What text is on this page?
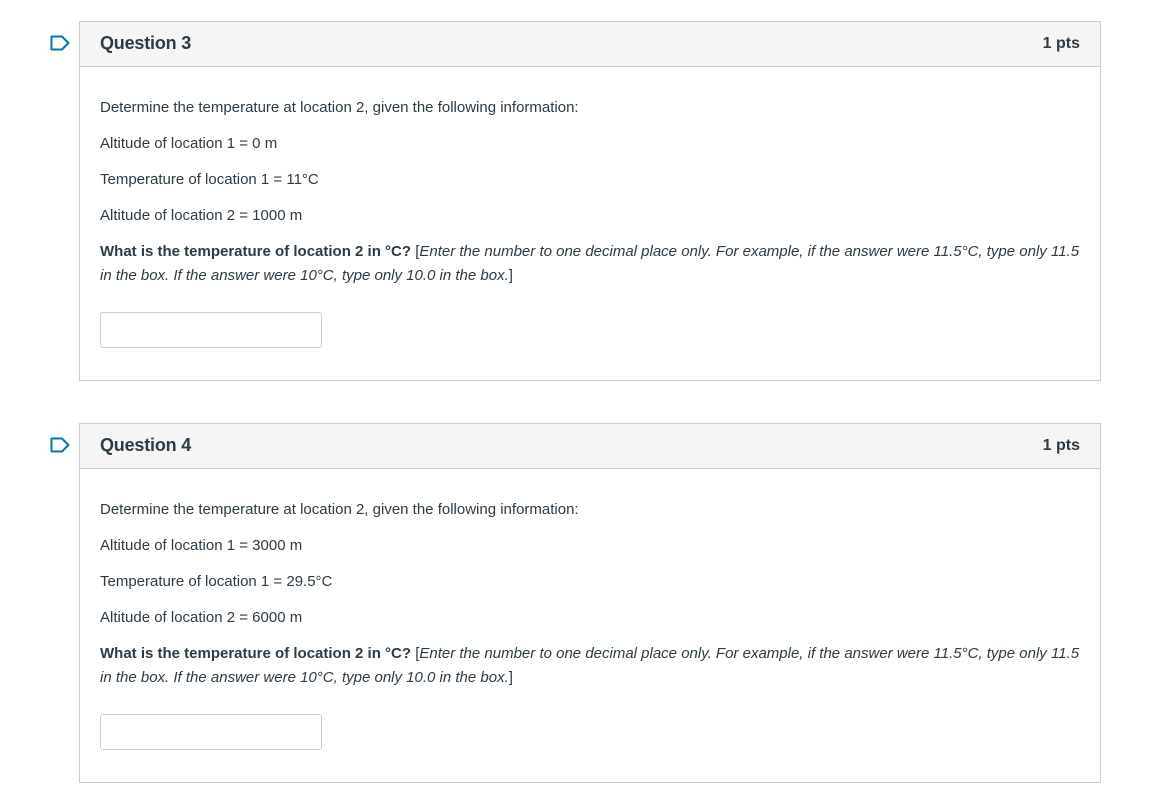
Question 3	1 pts
Determine the temperature at location 2, given the following information:
Altitude of location 1 = 0 m
Temperature of location 1 = 11°C
Altitude of location 2 = 1000 m
What is the temperature of location 2 in °C? [Enter the number to one decimal place only. For example, if the answer were 11.5°C, type only 11.5 in the box. If the answer were 10°C, type only 10.0 in the box.]
Question 4	1 pts
Determine the temperature at location 2, given the following information:
Altitude of location 1 = 3000 m
Temperature of location 1 = 29.5°C
Altitude of location 2 = 6000 m
What is the temperature of location 2 in °C? [Enter the number to one decimal place only. For example, if the answer were 11.5°C, type only 11.5 in the box. If the answer were 10°C, type only 10.0 in the box.]
